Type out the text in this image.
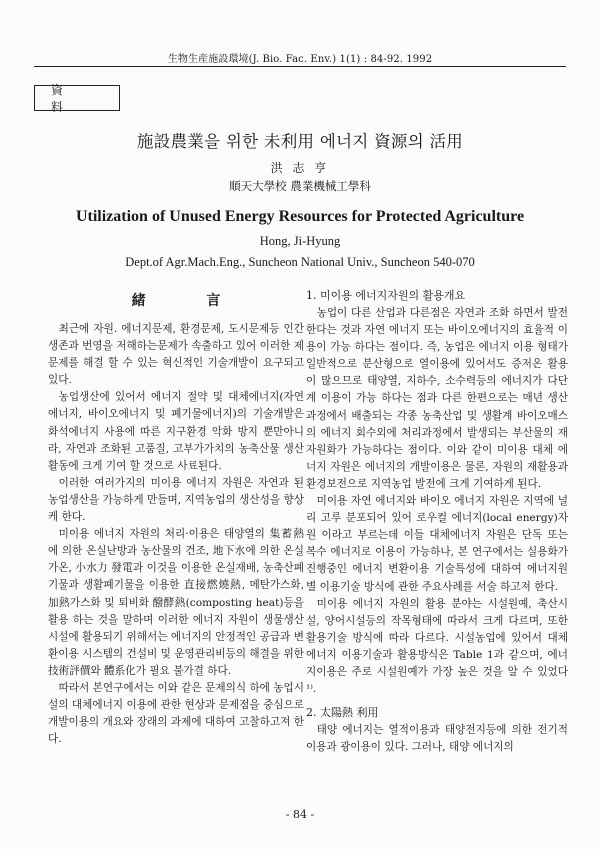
生物生産施設環境(J. Bio. Fac. Env.) 1(1) : 84-92. 1992
資 料
施設農業을 위한 未利用 에너지 資源의 活用
洪 志 亨
順天大學校 農業機械工學科
Utilization of Unused Energy Resources for Protected Agriculture
Hong, Ji-Hyung
Dept.of Agr.Mach.Eng., Suncheon National Univ., Suncheon 540-070
緒 言

최근에 자원. 에너지문제, 환경문제, 도시문제등 인간생존과 번영을 저해하는문제가 속출하고 있어 이러한 제 문제를 해결 할 수 있는 혁신적인 기술개발이 요구되고 있다.

농업생산에 있어서 에너지 절약 및 대체에너지(자연에너지, 바이오에너지 및 폐기물에너지)의 기술개발은 화석에너지 사용에 따른 지구환경 악화 방지 뿐만아니라, 자연과 조화된 고품질, 고부가가치의 농축산물 생산활동에 크게 기여 할 것으로 사료된다.

이러한 여러가지의 미이용 에너지 자원은 자연과 된 농업생산을 가능하게 만들며, 지역농업의 생산성을 향상케 한다.

미이용 에너지 자원의 처리·이용은 태양열의 集蓄熱에 의한 온실난방과 농산물의 건조, 地下水에 의한 온실가온, 小水力 發電과 이것을 이용한 온실재배, 농축산폐기물과 생활폐기물을 이용한 直接燃燒熱, 메탄가스화, 加熱가스화 및 퇴비화 醱酵熱(composting heat)등을 활용 하는 것을 말하며 이러한 에너지 자원이 생물생산 시설에 활용되기 위해서는 에너지의 안정적인 공급과 변환이용 시스템의 건설비 및 운영관리비등의 해결을 위한 技術評價와 體系化가 필요 불가결 하다.

따라서 본연구에서는 이와 같은 문제의식 하에 농업시설의 대체에너지 이용에 관한 현상과 문제점을 중심으로 개발이용의 개요와 장래의 과제에 대하여 고찰하고져 한다.

1. 미이용 에너지자원의 활용개요

농업이 다른 산업과 다른점은 자연과 조화 하면서 발전 한다는 것과 자연 에너지 또는 바이오에너지의 효율적 이용이 가능 하다는 점이다. 즉, 농업은 에너지 이용 형태가 일반적으로 분산형으로 열이용에 있어서도 증저온 활용이 많으므로 태양열, 지하수, 소수력등의 에너지가 다단계 이용이 가능 하다는 점과 다른 한편으로는 매년 생산과정에서 배출되는 각종 농축산업 및 생활계 바이오매스의 에너지 회수외에 처리과정에서 발생되는 부산물의 재자원화가 가능하다는 점이다. 이와 같이 미이용 대체 에너지 자원은 에너지의 개발이용은 물론, 자원의 재활용과 환경보전으로 지역농업 발전에 크게 기여하게 된다.

미이용 자연 에너지와 바이오 에너지 자원은 지역에 널리 고루 분포되어 있어 로우컬 에너지(local energy)자원 이라고 부르는데 이들 대체에너지 자원은 단독 또는 복수 에너지로 이용이 가능하나, 본 연구에서는 실용화가 진행중인 에너지 변환이용 기술특성에 대하여 에너지원별 이용기술 방식에 관한 주요사례를 서술 하고져 한다.

미이용 에너지 자원의 활용 분야는 시설원예, 축산시설, 양어시설등의 작목형태에 따라서 크게 다르며, 또한 활용기술 방식에 따라 다르다. 시설농업에 있어서 대체 에너지 이용기술과 활용방식은 Table 1과 같으며, 에너지이용은 주로 시설원예가 가장 높은 것을 알 수 있었다¹⁾.

2. 太陽熱 利用

태양 에너지는 열적이용과 태양전지등에 의한 전기적 이용과 광이용이 있다. 그러나, 태양 에너지의

- 84 -
